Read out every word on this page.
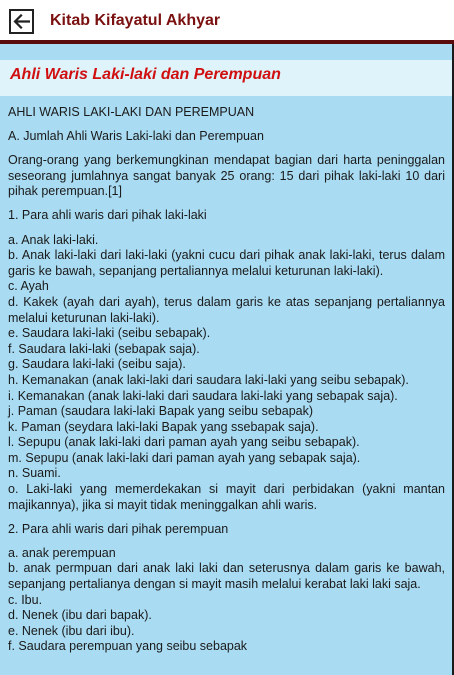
Kitab Kifayatul Akhyar
Ahli Waris Laki-laki dan Perempuan

AHLI WARIS LAKI-LAKI DAN PEREMPUAN

A. Jumlah Ahli Waris Laki-laki dan Perempuan

Orang-orang yang berkemungkinan mendapat bagian dari harta peninggalan seseorang jumlahnya sangat banyak 25 orang: 15 dari pihak laki-laki 10 dari pihak perempuan.[1]

1. Para ahli waris dari pihak laki-laki

a. Anak laki-laki.
b. Anak laki-laki dari laki-laki (yakni cucu dari pihak anak laki-laki, terus dalam garis ke bawah, sepanjang pertaliannya melalui keturunan laki-laki).
c. Ayah
d. Kakek (ayah dari ayah), terus dalam garis ke atas sepanjang pertaliannya melalui keturunan laki-laki).
e. Saudara laki-laki (seibu sebapak).
f. Saudara laki-laki (sebapak saja).
g. Saudara laki-laki (seibu saja).
h. Kemanakan (anak laki-laki dari saudara laki-laki yang seibu sebapak).
i. Kemanakan (anak laki-laki dari saudara laki-laki yang sebapak saja).
j. Paman (saudara laki-laki Bapak yang seibu sebapak)
k. Paman (seydara laki-laki Bapak yang ssebapak saja).
l. Sepupu (anak laki-laki dari paman ayah yang seibu sebapak).
m. Sepupu (anak laki-laki dari paman ayah yang sebapak saja).
n. Suami.
o. Laki-laki yang memerdekakan si mayit dari perbidakan (yakni mantan majikannya), jika si mayit tidak meninggalkan ahli waris.

2. Para ahli waris dari pihak perempuan

a. anak perempuan
b. anak permpuan dari anak laki laki dan seterusnya dalam garis ke bawah, sepanjang pertalianya dengan si mayit masih melalui kerabat laki laki saja.
c. Ibu.
d. Nenek (ibu dari bapak).
e. Nenek (ibu dari ibu).
f. Saudara perempuan yang seibu sebapak
